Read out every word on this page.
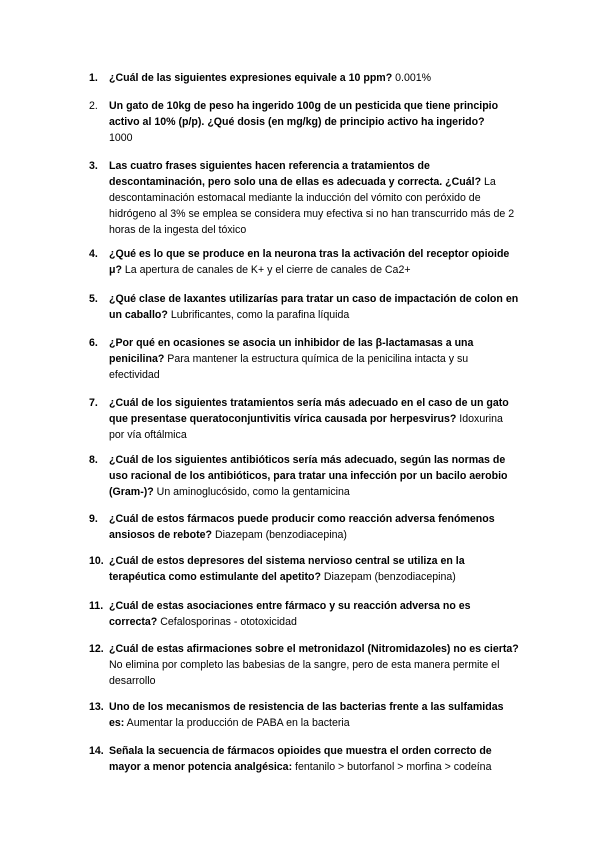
1.	¿Cuál de las siguientes expresiones equivale a 10 ppm? 0.001%
2.	Un gato de 10kg de peso ha ingerido 100g de un pesticida que tiene principio activo al 10% (p/p). ¿Qué dosis (en mg/kg) de principio activo ha ingerido?
1000
3.	Las cuatro frases siguientes hacen referencia a tratamientos de descontaminación, pero solo una de ellas es adecuada y correcta. ¿Cuál? La descontaminación estomacal mediante la inducción del vómito con peróxido de hidrógeno al 3% se emplea se considera muy efectiva si no han transcurrido más de 2 horas de la ingesta del tóxico
4.	¿Qué es lo que se produce en la neurona tras la activación del receptor opioide μ? La apertura de canales de K+ y el cierre de canales de Ca2+
5.	¿Qué clase de laxantes utilizarías para tratar un caso de impactación de colon en un caballo? Lubrificantes, como la parafina líquida
6.	¿Por qué en ocasiones se asocia un inhibidor de las β-lactamasas a una penicilina? Para mantener la estructura química de la penicilina intacta y su efectividad
7.	¿Cuál de los siguientes tratamientos sería más adecuado en el caso de un gato que presentase queratoconjuntivitis vírica causada por herpesvirus? Idoxurina por vía oftálmica
8.	¿Cuál de los siguientes antibióticos sería más adecuado, según las normas de uso racional de los antibióticos, para tratar una infección por un bacilo aerobio (Gram-)? Un aminoglucósido, como la gentamicina
9.	¿Cuál de estos fármacos puede producir como reacción adversa fenómenos ansiosos de rebote? Diazepam (benzodiacepina)
10. ¿Cuál de estos depresores del sistema nervioso central se utiliza en la terapéutica como estimulante del apetito? Diazepam (benzodiacepina)
11. ¿Cuál de estas asociaciones entre fármaco y su reacción adversa no es correcta? Cefalosporinas - ototoxicidad
12. ¿Cuál de estas afirmaciones sobre el metronidazol (Nitromidazoles) no es cierta? No elimina por completo las babesias de la sangre, pero de esta manera permite el desarrollo
13. Uno de los mecanismos de resistencia de las bacterias frente a las sulfamidas es: Aumentar la producción de PABA en la bacteria
14. Señala la secuencia de fármacos opioides que muestra el orden correcto de mayor a menor potencia analgésica: fentanilo > butorfanol > morfina > codeína
